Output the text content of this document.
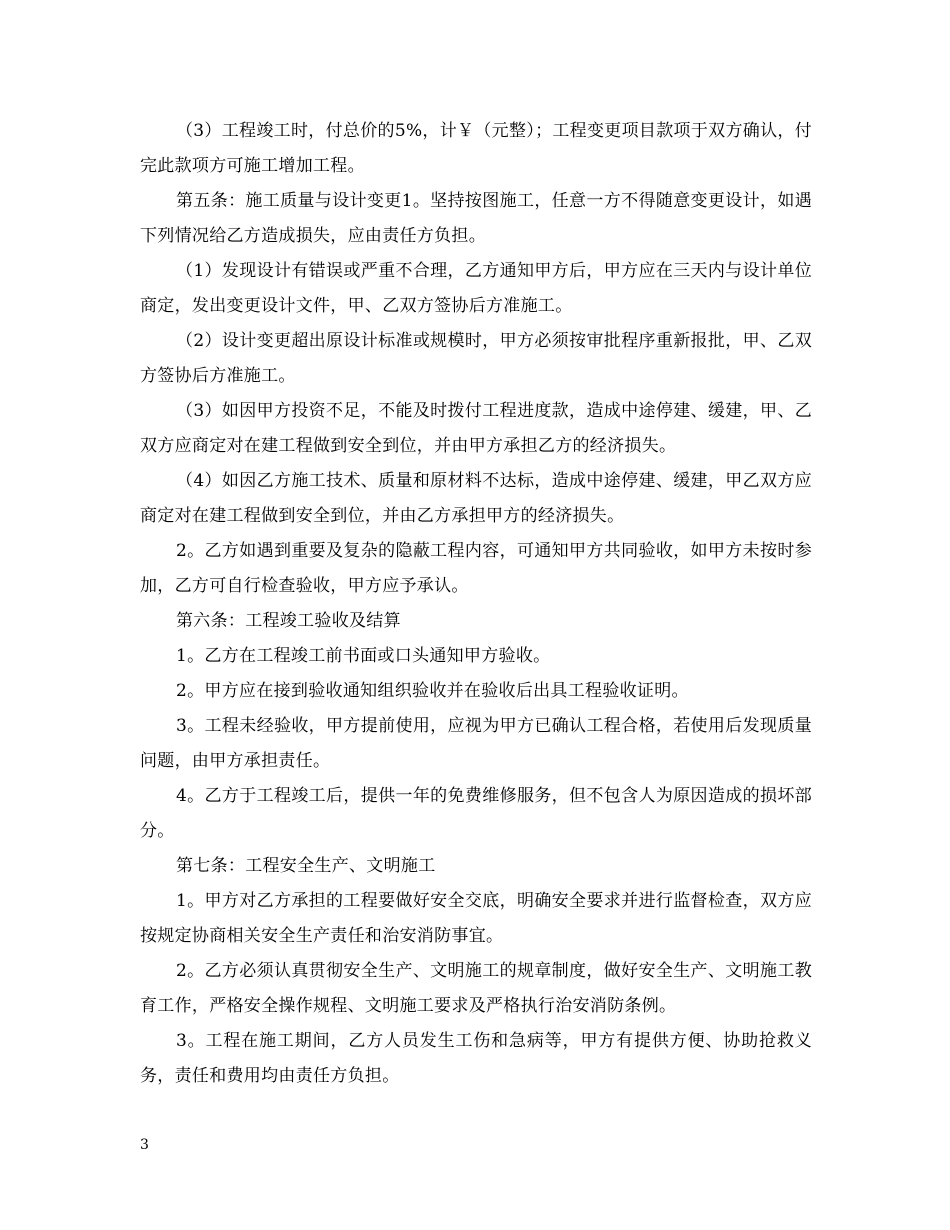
（3）工程竣工时，付总价的5%，计￥（元整）；工程变更项目款项于双方确认，付完此款项方可施工增加工程。

第五条：施工质量与设计变更1。坚持按图施工，任意一方不得随意变更设计，如遇下列情况给乙方造成损失，应由责任方负担。

（1）发现设计有错误或严重不合理，乙方通知甲方后，甲方应在三天内与设计单位商定，发出变更设计文件，甲、乙双方签协后方准施工。

（2）设计变更超出原设计标准或规模时，甲方必须按审批程序重新报批，甲、乙双方签协后方准施工。

（3）如因甲方投资不足，不能及时拨付工程进度款，造成中途停建、缓建，甲、乙双方应商定对在建工程做到安全到位，并由甲方承担乙方的经济损失。

（4）如因乙方施工技术、质量和原材料不达标，造成中途停建、缓建，甲乙双方应商定对在建工程做到安全到位，并由乙方承担甲方的经济损失。

2。乙方如遇到重要及复杂的隐蔽工程内容，可通知甲方共同验收，如甲方未按时参加，乙方可自行检查验收，甲方应予承认。

第六条：工程竣工验收及结算

1。乙方在工程竣工前书面或口头通知甲方验收。

2。甲方应在接到验收通知组织验收并在验收后出具工程验收证明。

3。工程未经验收，甲方提前使用，应视为甲方已确认工程合格，若使用后发现质量问题，由甲方承担责任。

4。乙方于工程竣工后，提供一年的免费维修服务，但不包含人为原因造成的损坏部分。

第七条：工程安全生产、文明施工

1。甲方对乙方承担的工程要做好安全交底，明确安全要求并进行监督检查，双方应按规定协商相关安全生产责任和治安消防事宜。

2。乙方必须认真贯彻安全生产、文明施工的规章制度，做好安全生产、文明施工教育工作，严格安全操作规程、文明施工要求及严格执行治安消防条例。

3。工程在施工期间，乙方人员发生工伤和急病等，甲方有提供方便、协助抢救义务，责任和费用均由责任方负担。

3
